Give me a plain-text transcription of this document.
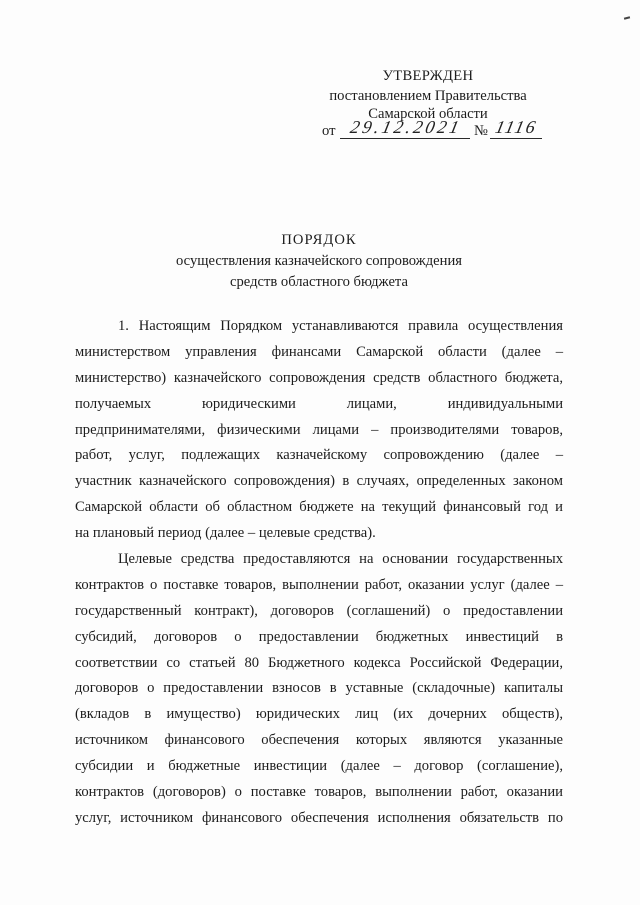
УТВЕРЖДЕН
постановлением Правительства
Самарской области
от 29.12.2021 № 1116
ПОРЯДОК
осуществления казначейского сопровождения
средств областного бюджета
1. Настоящим Порядком устанавливаются правила осуществления
министерством управления финансами Самарской области (далее –
министерство) казначейского сопровождения средств областного бюджета,
получаемых юридическими лицами, индивидуальными
предпринимателями, физическими лицами – производителями товаров,
работ, услуг, подлежащих казначейскому сопровождению (далее –
участник казначейского сопровождения) в случаях, определенных законом
Самарской области об областном бюджете на текущий финансовый год и
на плановый период (далее – целевые средства).
Целевые средства предоставляются на основании государственных
контрактов о поставке товаров, выполнении работ, оказании услуг (далее –
государственный контракт), договоров (соглашений) о предоставлении
субсидий, договоров о предоставлении бюджетных инвестиций в
соответствии со статьей 80 Бюджетного кодекса Российской Федерации,
договоров о предоставлении взносов в уставные (складочные) капиталы
(вкладов в имущество) юридических лиц (их дочерних обществ),
источником финансового обеспечения которых являются указанные
субсидии и бюджетные инвестиции (далее – договор (соглашение),
контрактов (договоров) о поставке товаров, выполнении работ, оказании
услуг, источником финансового обеспечения исполнения обязательств по
